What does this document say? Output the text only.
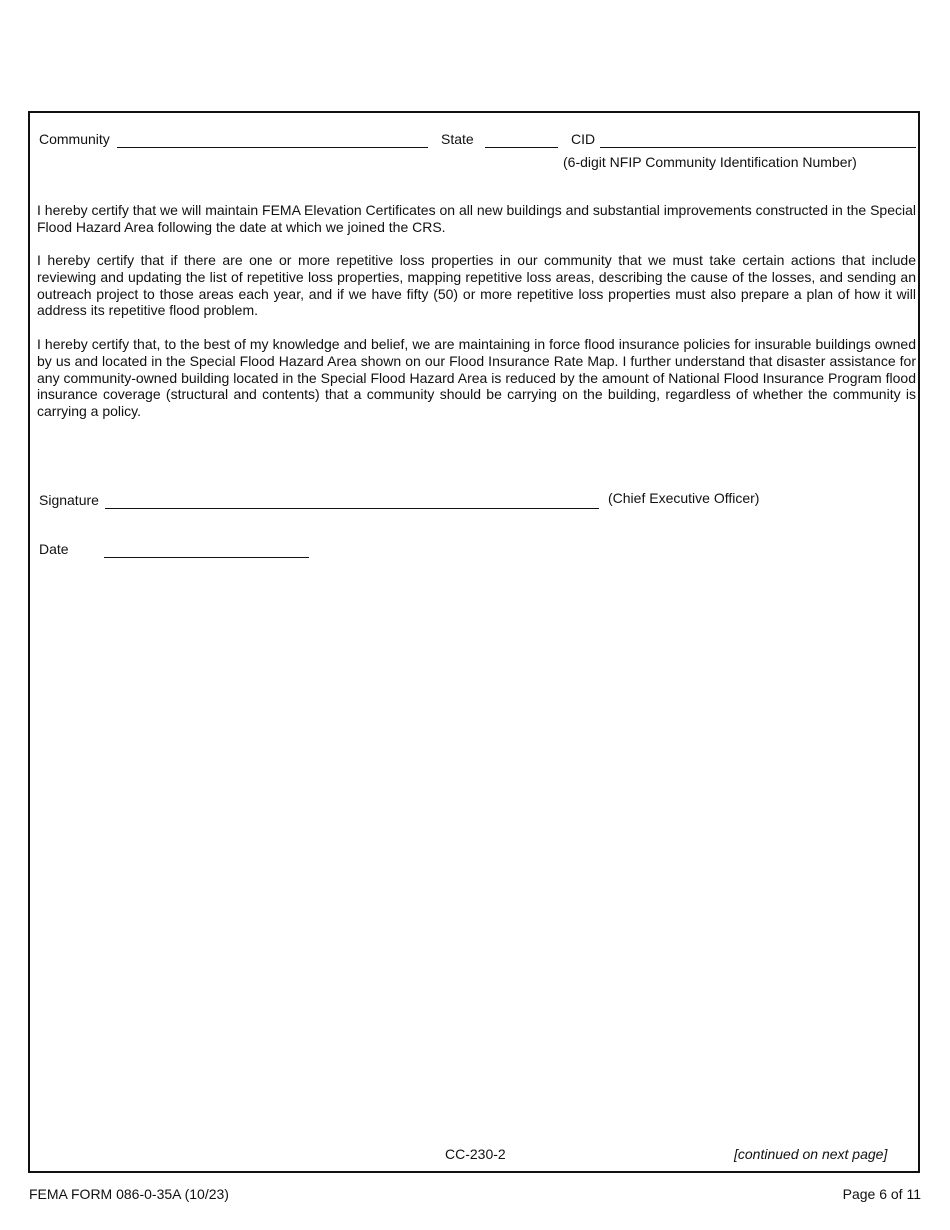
Community	State	CID
(6-digit NFIP Community Identification Number)

I hereby certify that we will maintain FEMA Elevation Certificates on all new buildings and substantial improvements constructed in the Special Flood Hazard Area following the date at which we joined the CRS.

I hereby certify that if there are one or more repetitive loss properties in our community that we must take certain actions that include reviewing and updating the list of repetitive loss properties, mapping repetitive loss areas, describing the cause of the losses, and sending an outreach project to those areas each year, and if we have fifty (50) or more repetitive loss properties must also prepare a plan of how it will address its repetitive flood problem.

I hereby certify that, to the best of my knowledge and belief, we are maintaining in force flood insurance policies for insurable buildings owned by us and located in the Special Flood Hazard Area shown on our Flood Insurance Rate Map. I further understand that disaster assistance for any community-owned building located in the Special Flood Hazard Area is reduced by the amount of National Flood Insurance Program flood insurance coverage (structural and contents) that a community should be carrying on the building, regardless of whether the community is carrying a policy.

Signature	(Chief Executive Officer)
Date
CC-230-2	[continued on next page]
FEMA FORM 086-0-35A (10/23)	Page 6 of 11
